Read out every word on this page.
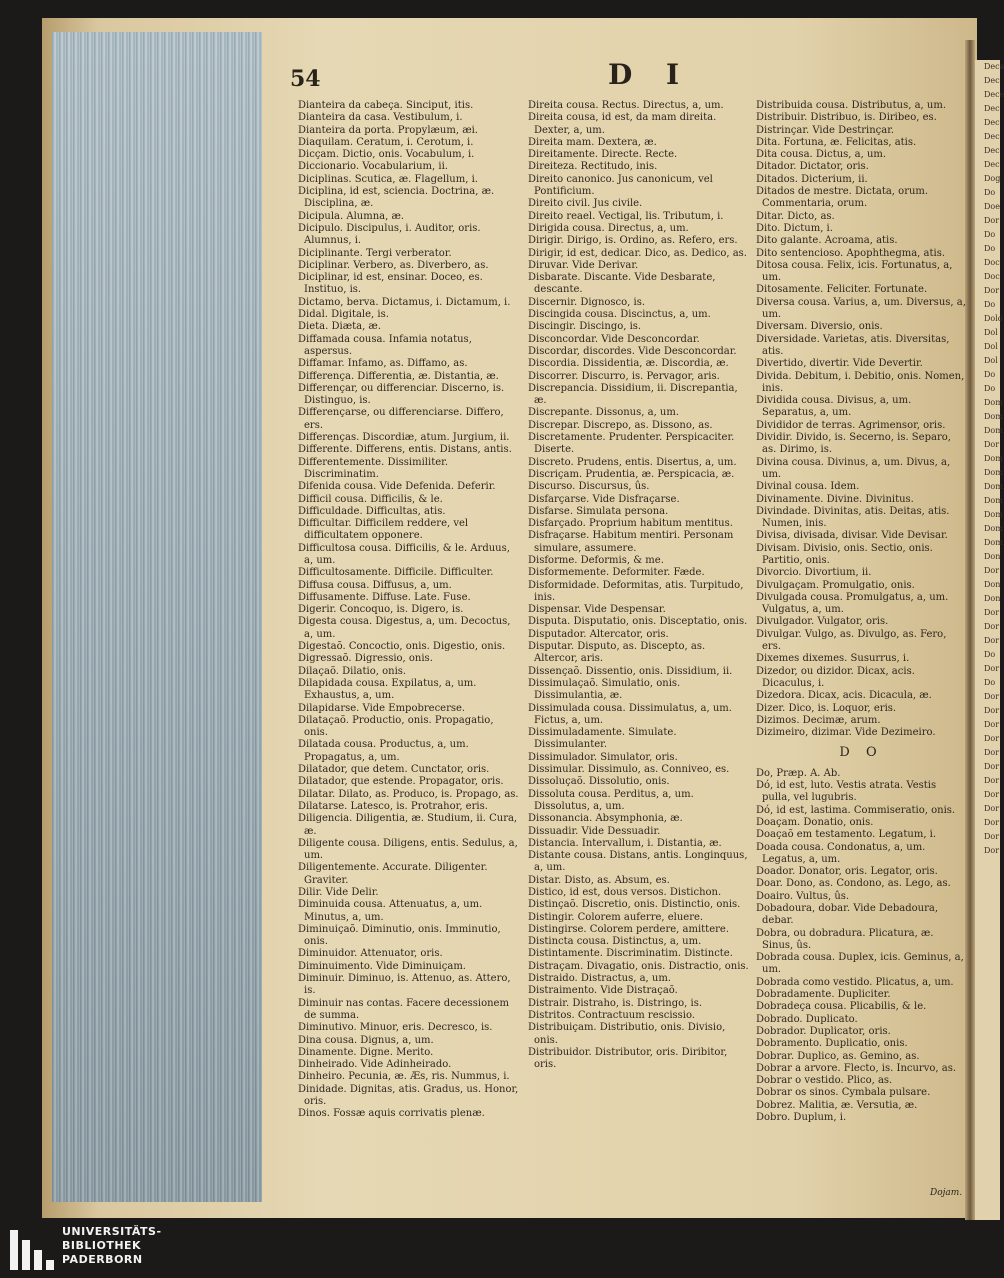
54	D I
Dianteira da cabeça. Sinciput, itis.
Dianteira da casa. Vestibulum, i.
Dianteira da porta. Propylæum, æi.
Diaquilam. Ceratum, i. Cerotum, i.
Dicçam. Dictio, onis. Vocabulum, i.
Diccionario. Vocabularium, ii.
Diciplinas. Scutica, æ. Flagellum, i.
Diciplina, id est, sciencia. Doctrina, æ. Disciplina, æ.
Dicipula. Alumna, æ.
Dicipulo. Discipulus, i. Auditor, oris. Alumnus, i.
Diciplinante. Tergi verberator.
Diciplinar. Verbero, as. Diverbero, as.
Diciplinar, id est, ensinar. Doceo, es. Instituo, is.
Dictamo, berva. Dictamus, i. Dictamum, i.
Didal. Digitale, is.
Dieta. Diæta, æ.
Diffamada cousa. Infamia notatus, aspersus.
Diffamar. Infamo, as. Diffamo, as.
Differença. Differentia, æ. Distantia, æ.
Differençar, ou differenciar. Discerno, is. Distinguo, is.
Differençarse, ou differenciarse. Differo, ers.
Differenças. Discordiæ, atum. Jurgium, ii.
Differente. Differens, entis. Distans, antis.
Differentemente. Dissimiliter. Discriminatim.
Difenida cousa. Vide Defenida. Deferir.
Difficil cousa. Difficilis, & le.
Difficuldade. Difficultas, atis.
Difficultar. Difficilem reddere, vel difficultatem opponere.
Difficultosa cousa. Difficilis, & le. Arduus, a, um.
Difficultosamente. Difficile. Difficulter.
Diffusa cousa. Diffusus, a, um.
Diffusamente. Diffuse. Late. Fuse.
Digerir. Concoquo, is. Digero, is.
Digesta cousa. Digestus, a, um. Decoctus, a, um.
Digestaõ. Concoctio, onis. Digestio, onis.
Digressaõ. Digressio, onis.
Dilaçaõ. Dilatio, onis.
Dilapidada cousa. Expilatus, a, um. Exhaustus, a, um.
Dilapidarse. Vide Empobrecerse.
Dilataçaõ. Productio, onis. Propagatio, onis.
Dilatada cousa. Productus, a, um. Propagatus, a, um.
Dilatador, que detem. Cunctator, oris.
Dilatador, que estende. Propagator, oris.
Dilatar. Dilato, as. Produco, is. Propago, as.
Dilatarse. Latesco, is. Protrahor, eris.
Diligencia. Diligentia, æ. Studium, ii. Cura, æ.
Diligente cousa. Diligens, entis. Sedulus, a, um.
Diligentemente. Accurate. Diligenter. Graviter.
Dilir. Vide Delir.
Diminuida cousa. Attenuatus, a, um. Minutus, a, um.
Diminuiçaõ. Diminutio, onis. Imminutio, onis.
Diminuidor. Attenuator, oris.
Diminuimento. Vide Diminuiçam.
Diminuir. Diminuo, is. Attenuo, as. Attero, is.
Diminuir nas contas. Facere decessionem de summa.
Diminutivo. Minuor, eris. Decresco, is.
Dina cousa. Dignus, a, um.
Dinamente. Digne. Merito.
Dinheirado. Vide Adinheirado.
Dinheiro. Pecunia, æ. Æs, ris. Nummus, i.
Dinidade. Dignitas, atis. Gradus, us. Honor, oris.
Dinos. Fossæ aquis corrivatis plenæ.
Direita cousa. Rectus. Directus, a, um.
Direita cousa, id est, da mam direita. Dexter, a, um.
Direita mam. Dextera, æ.
Direitamente. Directe. Recte.
Direiteza. Rectitudo, inis.
Direito canonico. Jus canonicum, vel Pontificium.
Direito civil. Jus civile.
Direito reael. Vectigal, lis. Tributum, i.
Dirigida cousa. Directus, a, um.
Dirigir. Dirigo, is. Ordino, as. Refero, ers.
Dirigir, id est, dedicar. Dico, as. Dedico, as.
Diruvar. Vide Derivar.
Disbarate. Discante. Vide Desbarate, descante.
Discernir. Dignosco, is.
Discingida cousa. Discinctus, a, um.
Discingir. Discingo, is.
Disconcordar. Vide Desconcordar.
Discordar, discordes. Vide Desconcordar.
Discordia. Dissidentia, æ. Discordia, æ.
Discorrer. Discurro, is. Pervagor, aris.
Discrepancia. Dissidium, ii. Discrepantia, æ.
Discrepante. Dissonus, a, um.
Discrepar. Discrepo, as. Dissono, as.
Discretamente. Prudenter. Perspicaciter. Diserte.
Discreto. Prudens, entis. Disertus, a, um.
Discriçam. Prudentia, æ. Perspicacia, æ.
Discurso. Discursus, ûs.
Disfarçarse. Vide Disfraçarse.
Disfarse. Simulata persona.
Disfarçado. Proprium habitum mentitus.
Disfraçarse. Habitum mentiri. Personam simulare, assumere.
Disforme. Deformis, & me.
Disformemente. Deformiter. Fæde.
Disformidade. Deformitas, atis. Turpitudo, inis.
Dispensar. Vide Despensar.
Disputa. Disputatio, onis. Disceptatio, onis.
Disputador. Altercator, oris.
Disputar. Disputo, as. Discepto, as. Altercor, aris.
Dissençaõ. Dissentio, onis. Dissidium, ii.
Dissimulaçaõ. Simulatio, onis. Dissimulantia, æ.
Dissimulada cousa. Dissimulatus, a, um. Fictus, a, um.
Dissimuladamente. Simulate. Dissimulanter.
Dissimulador. Simulator, oris.
Dissimular. Dissimulo, as. Conniveo, es.
Dissoluçaõ. Dissolutio, onis.
Dissoluta cousa. Perditus, a, um. Dissolutus, a, um.
Dissonancia. Absymphonia, æ.
Dissuadir. Vide Dessuadir.
Distancia. Intervallum, i. Distantia, æ.
Distante cousa. Distans, antis. Longinquus, a, um.
Distar. Disto, as. Absum, es.
Distico, id est, dous versos. Distichon.
Distinçaõ. Discretio, onis. Distinctio, onis.
Distingir. Colorem auferre, eluere.
Distingirse. Colorem perdere, amittere.
Distincta cousa. Distinctus, a, um.
Distintamente. Discriminatim. Distincte.
Distraçam. Divagatio, onis. Distractio, onis.
Distraido. Distractus, a, um.
Distraimento. Vide Distraçaõ.
Distrair. Distraho, is. Distringo, is.
Distritos. Contractuum rescissio.
Distribuiçam. Distributio, onis. Divisio, onis.
Distribuidor. Distributor, oris. Diribitor, oris.
Distribuida cousa. Distributus, a, um.
Distribuir. Distribuo, is. Diribeo, es.
Distrinçar. Vide Destrinçar.
Dita. Fortuna, æ. Felicitas, atis.
Dita cousa. Dictus, a, um.
Ditador. Dictator, oris.
Ditados. Dicterium, ii.
Ditados de mestre. Dictata, orum. Commentaria, orum.
Ditar. Dicto, as.
Dito. Dictum, i.
Dito galante. Acroama, atis.
Dito sentencioso. Apophthegma, atis.
Ditosa cousa. Felix, icis. Fortunatus, a, um.
Ditosamente. Feliciter. Fortunate.
Diversa cousa. Varius, a, um. Diversus, a, um.
Diversam. Diversio, onis.
Diversidade. Varietas, atis. Diversitas, atis.
Divertido, divertir. Vide Devertir.
Divida. Debitum, i. Debitio, onis. Nomen, inis.
Dividida cousa. Divisus, a, um. Separatus, a, um.
Divididor de terras. Agrimensor, oris.
Dividir. Divido, is. Secerno, is. Separo, as. Dirimo, is.
Divina cousa. Divinus, a, um. Divus, a, um.
Divinal cousa. Idem.
Divinamente. Divine. Divinitus.
Divindade. Divinitas, atis. Deitas, atis. Numen, inis.
Divisa, divisada, divisar. Vide Devisar.
Divisam. Divisio, onis. Sectio, onis. Partitio, onis.
Divorcio. Divortium, ii.
Divulgaçam. Promulgatio, onis.
Divulgada cousa. Promulgatus, a, um. Vulgatus, a, um.
Divulgador. Vulgator, oris.
Divulgar. Vulgo, as. Divulgo, as. Fero, ers.
Dixemes dixemes. Susurrus, i.
Dizedor, ou dizidor. Dicax, acis. Dicaculus, i.
Dizedora. Dicax, acis. Dicacula, æ.
Dizer. Dico, is. Loquor, eris.
Dizimos. Decimæ, arum.
Dizimeiro, dizimar. Vide Dezimeiro.
D O
Do, Præp. A. Ab.
Dó, id est, luto. Vestis atrata. Vestis pulla, vel lugubris.
Dó, id est, lastima. Commiseratio, onis.
Doaçam. Donatio, onis.
Doaçaõ em testamento. Legatum, i.
Doada cousa. Condonatus, a, um. Legatus, a, um.
Doador. Donator, oris. Legator, oris.
Doar. Dono, as. Condono, as. Lego, as.
Doairo. Vultus, ûs.
Dobadoura, dobar. Vide Debadoura, debar.
Dobra, ou dobradura. Plicatura, æ. Sinus, ûs.
Dobrada cousa. Duplex, icis. Geminus, a, um.
Dobrada como vestido. Plicatus, a, um.
Dobradamente. Dupliciter.
Dobradeça cousa. Plicabilis, & le.
Dobrado. Duplicato.
Dobrador. Duplicator, oris.
Dobramento. Duplicatio, onis.
Dobrar. Duplico, as. Gemino, as.
Dobrar a arvore. Flecto, is. Incurvo, as.
Dobrar o vestido. Plico, as.
Dobrar os sinos. Cymbala pulsare.
Dobrez. Malitia, æ. Versutia, æ.
Dobro. Duplum, i.
Dojam.
Deca
Dec
Dece
Dec
Dec
Dec
Dec
Dec
Dog
Do
Doe
Dor
Do
Do
Doc
Doc
Dor
Do
Dolo
Dol
Dol
Dol
Do
Do
Dom
Dom
Dom
Dor
Dom
Dom
Dom
Dom
Dom
Dom
Dom
Don
Dor
Don
Don
Dor
Dor
Dor
Do
Dor
Do
Dor
Dor
Dor
Dor
Dor
Dor
Dor
Dor
Dor
Dor
Dor
Dor
UNIVERSITÄTS-
BIBLIOTHEK
PADERBORN
